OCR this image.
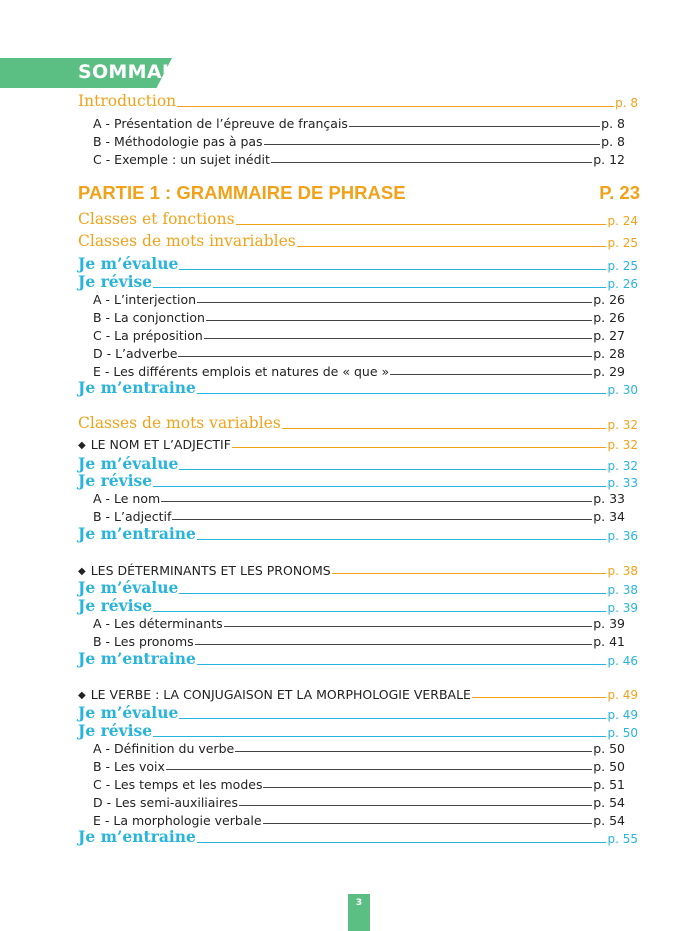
SOMMAIRE
Introduction	p. 8
A - Présentation de l’épreuve de français	p. 8
B - Méthodologie pas à pas	p. 8
C - Exemple : un sujet inédit	p. 12
PARTIE 1 : GRAMMAIRE DE PHRASE	P. 23
Classes et fonctions	p. 24
Classes de mots invariables	p. 25
Je m’évalue	p. 25
Je révise	p. 26
A - L’interjection	p. 26
B - La conjonction	p. 26
C - La préposition	p. 27
D - L’adverbe	p. 28
E - Les différents emplois et natures de « que »	p. 29
Je m’entraine	p. 30
Classes de mots variables	p. 32
◆ LE NOM ET L’ADJECTIF	p. 32
Je m’évalue	p. 32
Je révise	p. 33
A - Le nom	p. 33
B - L’adjectif	p. 34
Je m’entraine	p. 36
◆ LES DÉTERMINANTS ET LES PRONOMS	p. 38
Je m’évalue	p. 38
Je révise	p. 39
A - Les déterminants	p. 39
B - Les pronoms	p. 41
Je m’entraine	p. 46
◆ LE VERBE : LA CONJUGAISON ET LA MORPHOLOGIE VERBALE	p. 49
Je m’évalue	p. 49
Je révise	p. 50
A - Définition du verbe	p. 50
B - Les voix	p. 50
C - Les temps et les modes	p. 51
D - Les semi-auxiliaires	p. 54
E - La morphologie verbale	p. 54
Je m’entraine	p. 55
3
